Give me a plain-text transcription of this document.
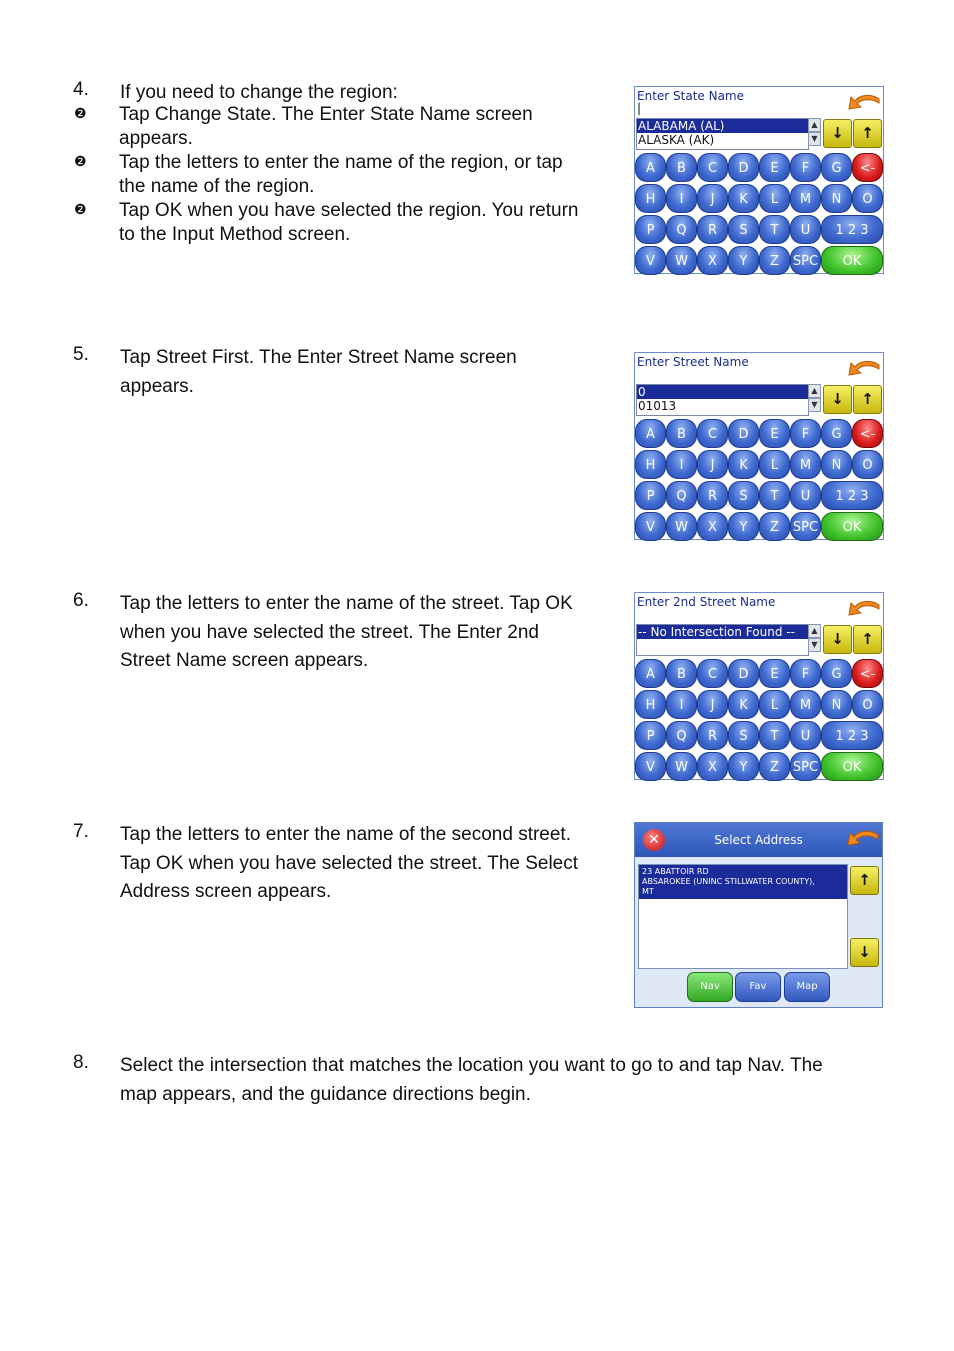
4. If you need to change the region:
❷ Tap Change State. The Enter State Name screen
appears.
❷ Tap the letters to enter the name of the region, or tap
the name of the region.
❷ Tap OK when you have selected the region. You return
to the Input Method screen.
5. Tap Street First. The Enter Street Name screen
appears.
6. Tap the letters to enter the name of the street. Tap OK
when you have selected the street. The Enter 2nd
Street Name screen appears.
7. Tap the letters to enter the name of the second street.
Tap OK when you have selected the street. The Select
Address screen appears.
8. Select the intersection that matches the location you want to go to and tap Nav. The
map appears, and the guidance directions begin.
Enter State Name
|
ALABAMA (AL)
ALASKA (AK)
▲
▼ ↓	↑
A	B	C	D	E	F	G	<-
H	I	J	K	L	M	N	O
P	Q	R	S	T	U	1 2 3
V	W	X	Y	Z	SPC	OK
Enter Street Name
0
01013
▲
▼ ↓	↑
A	B	C	D	E	F	G	<-
H	I	J	K	L	M	N	O
P	Q	R	S	T	U	1 2 3
V	W	X	Y	Z	SPC	OK
Enter 2nd Street Name
-- No Intersection Found --	▲
▼ ↓	↑
A	B	C	D	E	F	G	<-
H	I	J	K	L	M	N	O
P	Q	R	S	T	U	1 2 3
V	W	X	Y	Z	SPC	OK
✕	Select Address
23 ABATTOIR RD
ABSAROKEE (UNINC STILLWATER COUNTY),
MT
↑
↓
Nav	Fav	Map
